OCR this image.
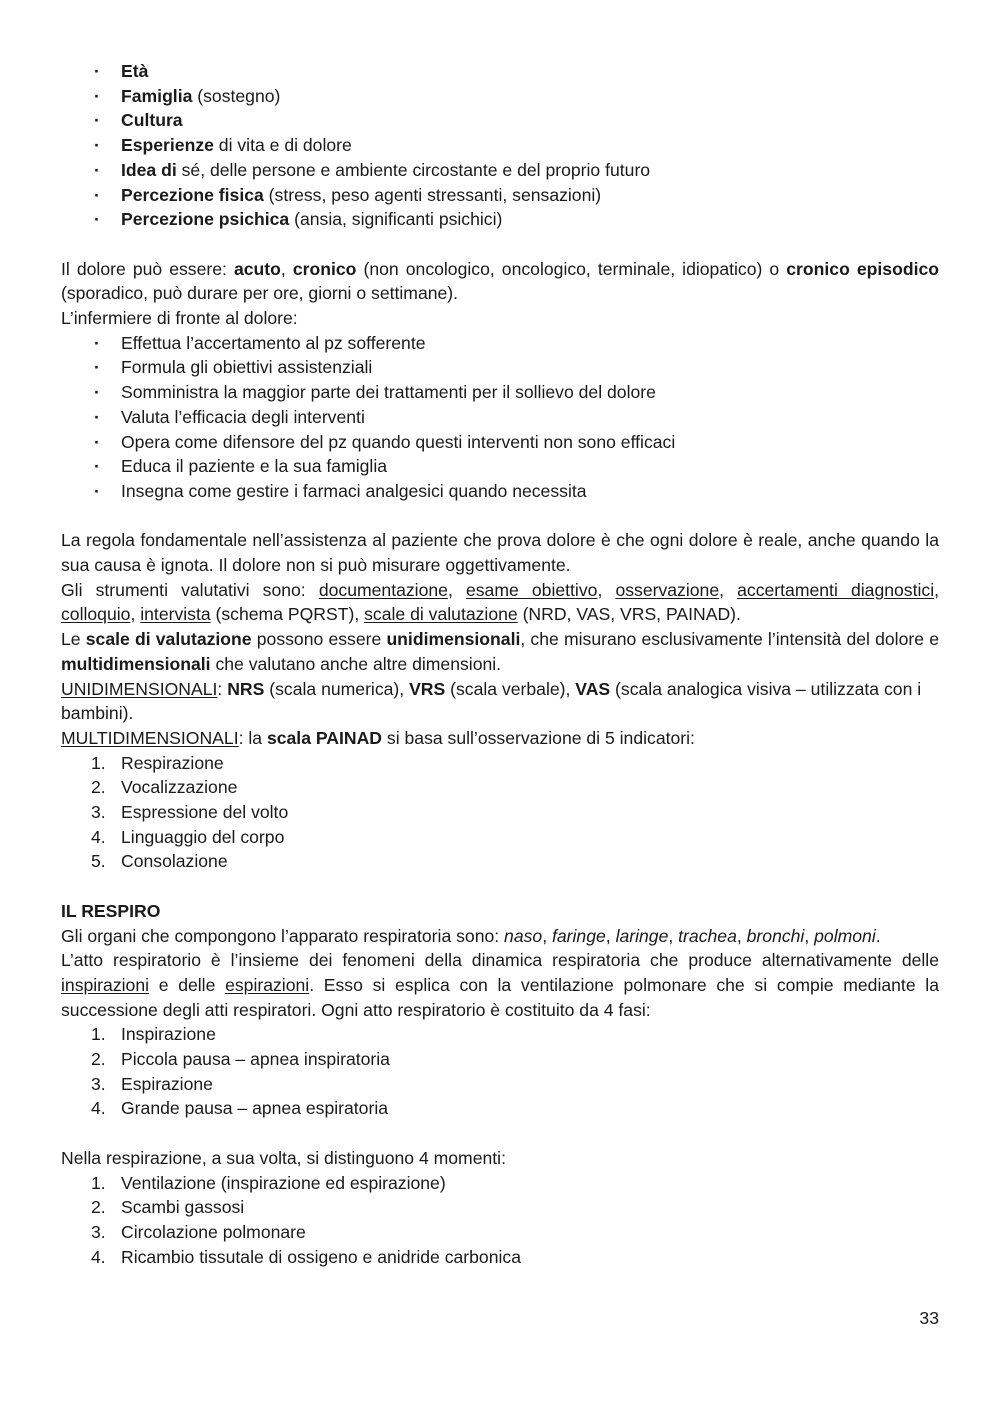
· Età
· Famiglia (sostegno)
· Cultura
· Esperienze di vita e di dolore
· Idea di sé, delle persone e ambiente circostante e del proprio futuro
· Percezione fisica (stress, peso agenti stressanti, sensazioni)
· Percezione psichica (ansia, significanti psichici)

Il dolore può essere: acuto, cronico (non oncologico, oncologico, terminale, idiopatico) o cronico episodico (sporadico, può durare per ore, giorni o settimane).

L’infermiere di fronte al dolore:

· Effettua l’accertamento al pz sofferente
· Formula gli obiettivi assistenziali
· Somministra la maggior parte dei trattamenti per il sollievo del dolore
· Valuta l’efficacia degli interventi
· Opera come difensore del pz quando questi interventi non sono efficaci
· Educa il paziente e la sua famiglia
· Insegna come gestire i farmaci analgesici quando necessita

La regola fondamentale nell’assistenza al paziente che prova dolore è che ogni dolore è reale, anche quando la sua causa è ignota. Il dolore non si può misurare oggettivamente.

Gli strumenti valutativi sono: documentazione, esame obiettivo, osservazione, accertamenti diagnostici, colloquio, intervista (schema PQRST), scale di valutazione (NRD, VAS, VRS, PAINAD).

Le scale di valutazione possono essere unidimensionali, che misurano esclusivamente l’intensità del dolore e multidimensionali che valutano anche altre dimensioni.

UNIDIMENSIONALI: NRS (scala numerica), VRS (scala verbale), VAS (scala analogica visiva – utilizzata con i bambini).

MULTIDIMENSIONALI: la scala PAINAD si basa sull’osservazione di 5 indicatori:

1. Respirazione
2. Vocalizzazione
3. Espressione del volto
4. Linguaggio del corpo
5. Consolazione

IL RESPIRO

Gli organi che compongono l’apparato respiratoria sono: naso, faringe, laringe, trachea, bronchi, polmoni.

L’atto respiratorio è l’insieme dei fenomeni della dinamica respiratoria che produce alternativamente delle inspirazioni e delle espirazioni. Esso si esplica con la ventilazione polmonare che si compie mediante la successione degli atti respiratori. Ogni atto respiratorio è costituito da 4 fasi:

1. Inspirazione
2. Piccola pausa – apnea inspiratoria
3. Espirazione
4. Grande pausa – apnea espiratoria

Nella respirazione, a sua volta, si distinguono 4 momenti:

1. Ventilazione (inspirazione ed espirazione)
2. Scambi gassosi
3. Circolazione polmonare
4. Ricambio tissutale di ossigeno e anidride carbonica
33
